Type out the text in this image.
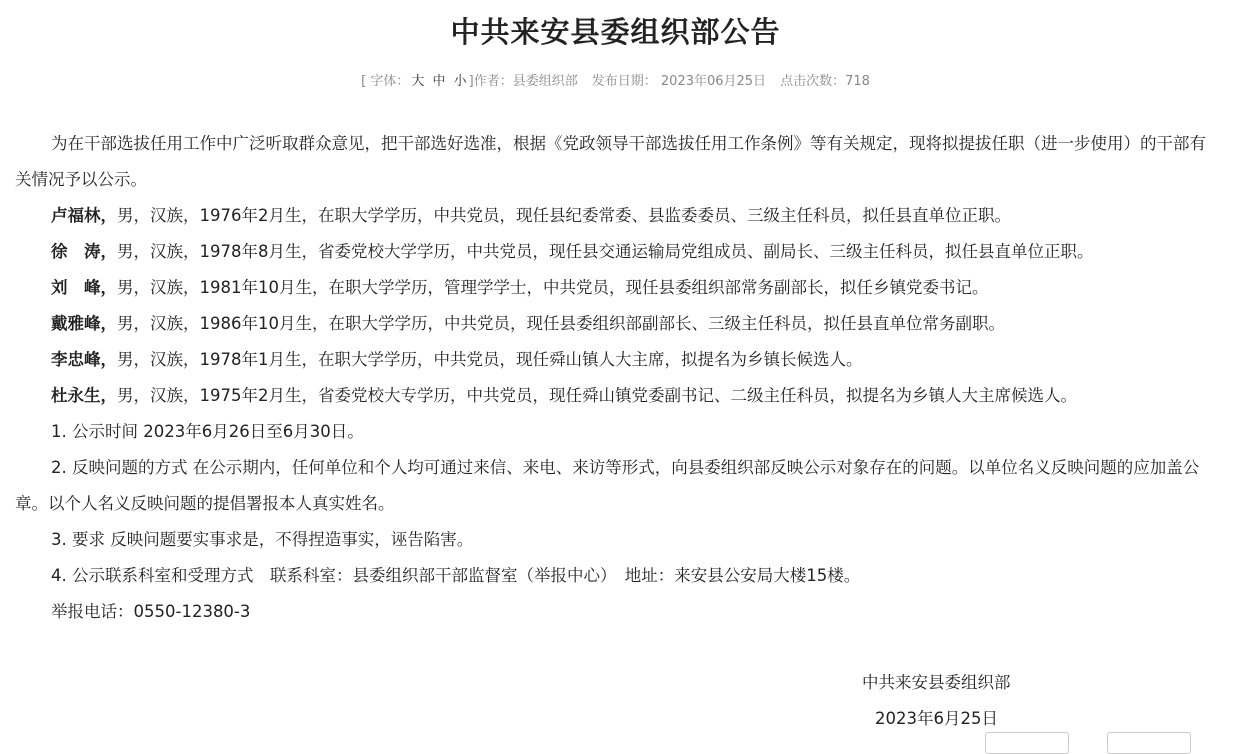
中共来安县委组织部公告
[ 字体： 大 中 小 ]作者：县委组织部 发布日期： 2023年06月25日 点击次数：718

为在干部选拔任用工作中广泛听取群众意见，把干部选好选准，根据《党政领导干部选拔任用工作条例》等有关规定，现将拟提拔任职（进一步使用）的干部有关情况予以公示。

卢福林，男，汉族，1976年2月生，在职大学学历，中共党员，现任县纪委常委、县监委委员、三级主任科员，拟任县直单位正职。

徐　涛，男，汉族，1978年8月生，省委党校大学学历，中共党员，现任县交通运输局党组成员、副局长、三级主任科员，拟任县直单位正职。

刘　峰，男，汉族，1981年10月生，在职大学学历，管理学学士，中共党员，现任县委组织部常务副部长，拟任乡镇党委书记。

戴雅峰，男，汉族，1986年10月生，在职大学学历，中共党员，现任县委组织部副部长、三级主任科员，拟任县直单位常务副职。

李忠峰，男，汉族，1978年1月生，在职大学学历，中共党员，现任舜山镇人大主席，拟提名为乡镇长候选人。

杜永生，男，汉族，1975年2月生，省委党校大专学历，中共党员，现任舜山镇党委副书记、二级主任科员，拟提名为乡镇人大主席候选人。

1. 公示时间 2023年6月26日至6月30日。

2. 反映问题的方式 在公示期内，任何单位和个人均可通过来信、来电、来访等形式，向县委组织部反映公示对象存在的问题。以单位名义反映问题的应加盖公章。以个人名义反映问题的提倡署报本人真实姓名。

3. 要求 反映问题要实事求是，不得捏造事实，诬告陷害。

4. 公示联系科室和受理方式　联系科室：县委组织部干部监督室（举报中心）　地址：来安县公安局大楼15楼。

举报电话：0550-12380-3

中共来安县委组织部
2023年6月25日
